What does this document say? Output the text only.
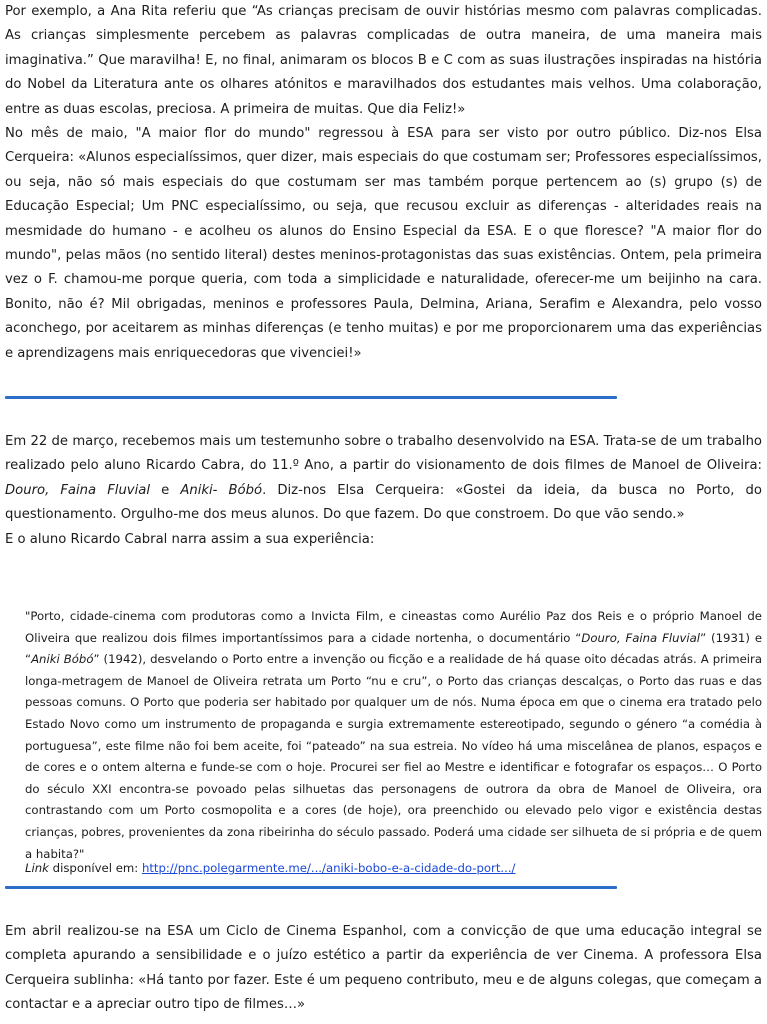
Por exemplo, a Ana Rita referiu que “As crianças precisam de ouvir histórias mesmo com palavras complicadas. As crianças simplesmente percebem as palavras complicadas de outra maneira, de uma maneira mais imaginativa.” Que maravilha! E, no final, animaram os blocos B e C com as suas ilustrações inspiradas na história do Nobel da Literatura ante os olhares atónitos e maravilhados dos estudantes mais velhos. Uma colaboração, entre as duas escolas, preciosa. A primeira de muitas. Que dia Feliz!»

No mês de maio, "A maior flor do mundo" regressou à ESA para ser visto por outro público. Diz-nos Elsa Cerqueira: «Alunos especialíssimos, quer dizer, mais especiais do que costumam ser; Professores especialíssimos, ou seja, não só mais especiais do que costumam ser mas também porque pertencem ao (s) grupo (s) de Educação Especial; Um PNC especialíssimo, ou seja, que recusou excluir as diferenças - alteridades reais na mesmidade do humano - e acolheu os alunos do Ensino Especial da ESA. E o que floresce? "A maior flor do mundo", pelas mãos (no sentido literal) destes meninos-protagonistas das suas existências. Ontem, pela primeira vez o F. chamou-me porque queria, com toda a simplicidade e naturalidade, oferecer-me um beijinho na cara. Bonito, não é? Mil obrigadas, meninos e professores Paula, Delmina, Ariana, Serafim e Alexandra, pelo vosso aconchego, por aceitarem as minhas diferenças (e tenho muitas) e por me proporcionarem uma das experiências e aprendizagens mais enriquecedoras que vivenciei!»

Em 22 de março, recebemos mais um testemunho sobre o trabalho desenvolvido na ESA. Trata-se de um trabalho realizado pelo aluno Ricardo Cabra, do 11.º Ano, a partir do visionamento de dois filmes de Manoel de Oliveira: Douro, Faina Fluvial e Aniki- Bóbó. Diz-nos Elsa Cerqueira: «Gostei da ideia, da busca no Porto, do questionamento. Orgulho-me dos meus alunos. Do que fazem. Do que constroem. Do que vão sendo.»

E o aluno Ricardo Cabral narra assim a sua experiência:

"Porto, cidade-cinema com produtoras como a Invicta Film, e cineastas como Aurélio Paz dos Reis e o próprio Manoel de Oliveira que realizou dois filmes importantíssimos para a cidade nortenha, o documentário “Douro, Faina Fluvial” (1931) e “Aniki Bóbó” (1942), desvelando o Porto entre a invenção ou ficção e a realidade de há quase oito décadas atrás. A primeira longa-metragem de Manoel de Oliveira retrata um Porto “nu e cru”, o Porto das crianças descalças, o Porto das ruas e das pessoas comuns. O Porto que poderia ser habitado por qualquer um de nós. Numa época em que o cinema era tratado pelo Estado Novo como um instrumento de propaganda e surgia extremamente estereotipado, segundo o género “a comédia à portuguesa”, este filme não foi bem aceite, foi “pateado” na sua estreia. No vídeo há uma miscelânea de planos, espaços e de cores e o ontem alterna e funde-se com o hoje. Procurei ser fiel ao Mestre e identificar e fotografar os espaços… O Porto do século XXI encontra-se povoado pelas silhuetas das personagens de outrora da obra de Manoel de Oliveira, ora contrastando com um Porto cosmopolita e a cores (de hoje), ora preenchido ou elevado pelo vigor e existência destas crianças, pobres, provenientes da zona ribeirinha do século passado. Poderá uma cidade ser silhueta de si própria e de quem a habita?"

Link disponível em: http://pnc.polegarmente.me/.../aniki-bobo-e-a-cidade-do-port.../

Em abril realizou-se na ESA um Ciclo de Cinema Espanhol, com a convicção de que uma educação integral se completa apurando a sensibilidade e o juízo estético a partir da experiência de ver Cinema. A professora Elsa Cerqueira sublinha: «Há tanto por fazer. Este é um pequeno contributo, meu e de alguns colegas, que começam a contactar e a apreciar outro tipo de filmes…»
